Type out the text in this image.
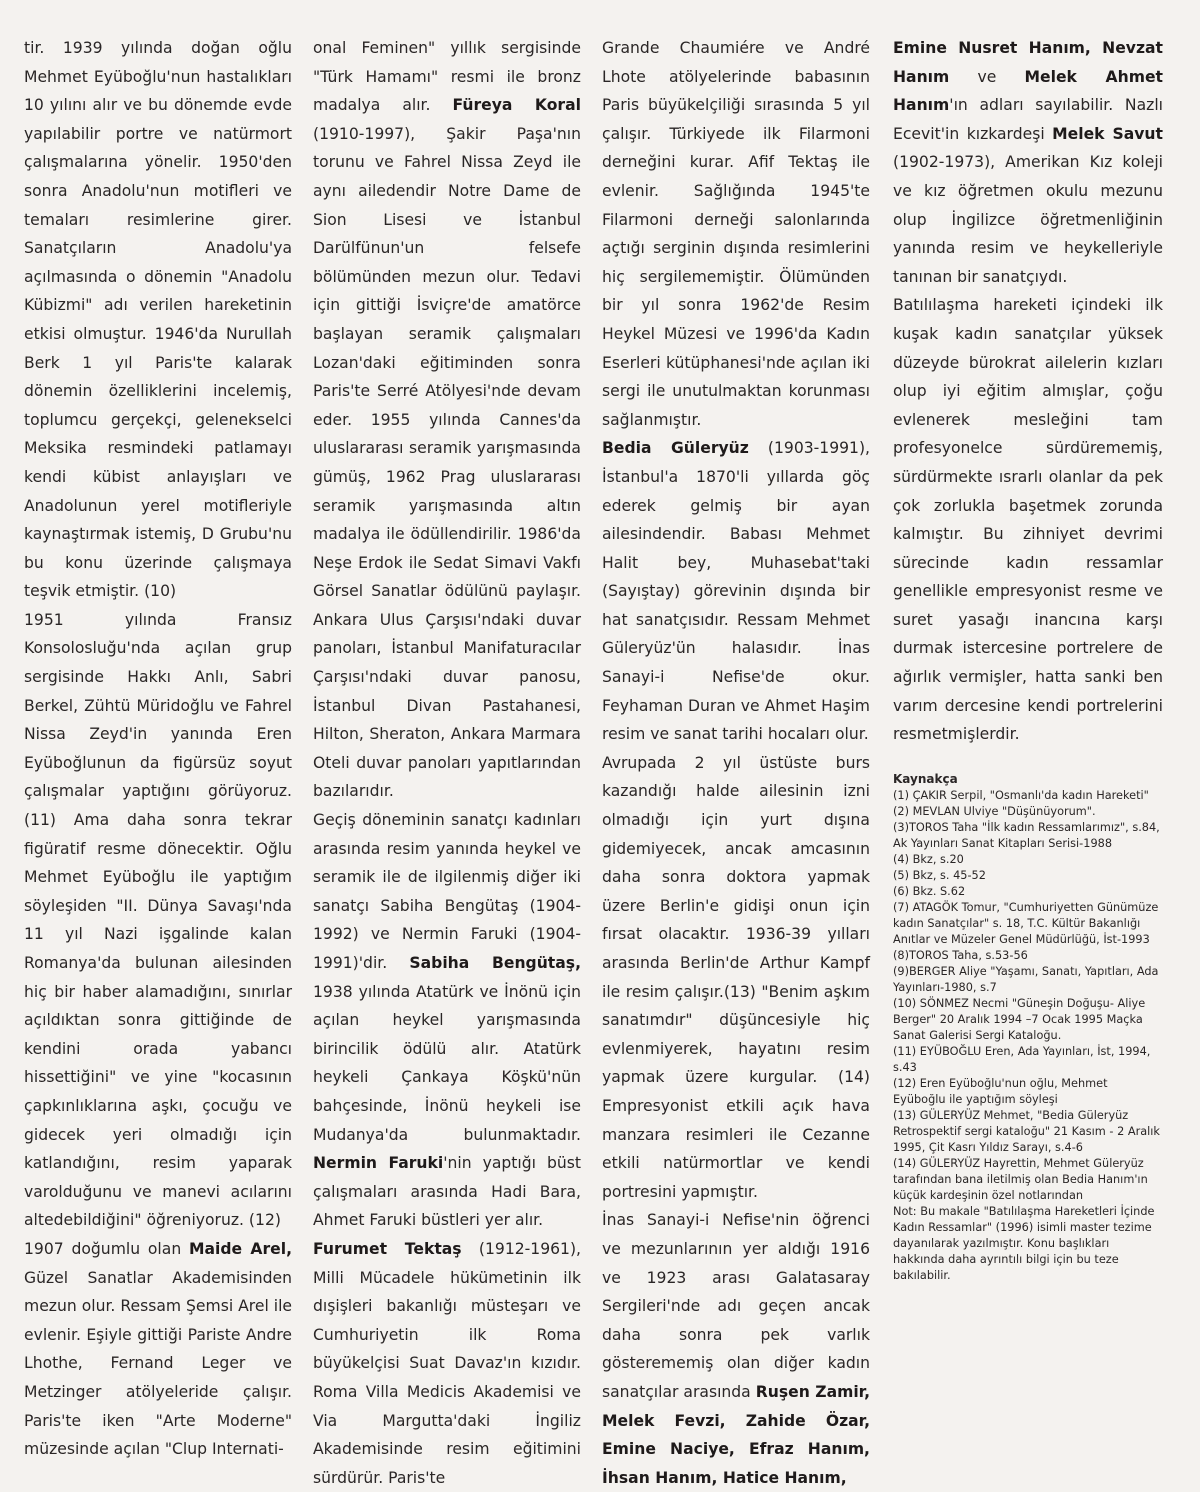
tir. 1939 yılında doğan oğlu Mehmet Eyüboğlu'nun hastalıkları 10 yılını alır ve bu dönemde evde yapılabilir portre ve natürmort çalışmalarına yönelir. 1950'den sonra Anadolu'nun motifleri ve temaları resimlerine girer. Sanatçıların Anadolu'ya açılmasında o dönemin "Anadolu Kübizmi" adı verilen hareketinin etkisi olmuştur. 1946'da Nurullah Berk 1 yıl Paris'te kalarak dönemin özelliklerini incelemiş, toplumcu gerçekçi, gelenekselci Meksika resmindeki patlamayı kendi kübist anlayışları ve Anadolunun yerel motifleriyle kaynaştırmak istemiş, D Grubu'nu bu konu üzerinde çalışmaya teşvik etmiştir. (10)

1951 yılında Fransız Konsolosluğu'nda açılan grup sergisinde Hakkı Anlı, Sabri Berkel, Zühtü Müridoğlu ve Fahrel Nissa Zeyd'in yanında Eren Eyüboğlunun da figürsüz soyut çalışmalar yaptığını görüyoruz. (11) Ama daha sonra tekrar figüratif resme dönecektir. Oğlu Mehmet Eyüboğlu ile yaptığım söyleşiden "II. Dünya Savaşı'nda 11 yıl Nazi işgalinde kalan Romanya'da bulunan ailesinden hiç bir haber alamadığını, sınırlar açıldıktan sonra gittiğinde de kendini orada yabancı hissettiğini" ve yine "kocasının çapkınlıklarına aşkı, çocuğu ve gidecek yeri olmadığı için katlandığını, resim yaparak varolduğunu ve manevi acılarını altedebildiğini" öğreniyoruz. (12)

1907 doğumlu olan Maide Arel, Güzel Sanatlar Akademisinden mezun olur. Ressam Şemsi Arel ile evlenir. Eşiyle gittiği Pariste Andre Lhothe, Fernand Leger ve Metzinger atölyeleride çalışır. Paris'te iken "Arte Moderne" müzesinde açılan "Clup Internati-

onal Feminen" yıllık sergisinde "Türk Hamamı" resmi ile bronz madalya alır. Füreya Koral (1910-1997), Şakir Paşa'nın torunu ve Fahrel Nissa Zeyd ile aynı ailedendir Notre Dame de Sion Lisesi ve İstanbul Darülfünun'un felsefe bölümünden mezun olur. Tedavi için gittiği İsviçre'de amatörce başlayan seramik çalışmaları Lozan'daki eğitiminden sonra Paris'te Serré Atölyesi'nde devam eder. 1955 yılında Cannes'da uluslararası seramik yarışmasında gümüş, 1962 Prag uluslararası seramik yarışmasında altın madalya ile ödüllendirilir. 1986'da Neşe Erdok ile Sedat Simavi Vakfı Görsel Sanatlar ödülünü paylaşır. Ankara Ulus Çarşısı'ndaki duvar panoları, İstanbul Manifaturacılar Çarşısı'ndaki duvar panosu, İstanbul Divan Pastahanesi, Hilton, Sheraton, Ankara Marmara Oteli duvar panoları yapıtlarından bazılarıdır.

Geçiş döneminin sanatçı kadınları arasında resim yanında heykel ve seramik ile de ilgilenmiş diğer iki sanatçı Sabiha Bengütaş (1904-1992) ve Nermin Faruki (1904-1991)'dir. Sabiha Bengütaş, 1938 yılında Atatürk ve İnönü için açılan heykel yarışmasında birincilik ödülü alır. Atatürk heykeli Çankaya Köşkü'nün bahçesinde, İnönü heykeli ise Mudanya'da bulunmaktadır. Nermin Faruki'nin yaptığı büst çalışmaları arasında Hadi Bara, Ahmet Faruki büstleri yer alır.

Furumet Tektaş (1912-1961), Milli Mücadele hükümetinin ilk dışişleri bakanlığı müsteşarı ve Cumhuriyetin ilk Roma büyükelçisi Suat Davaz'ın kızıdır. Roma Villa Medicis Akademisi ve Via Margutta'daki İngiliz Akademisinde resim eğitimini sürdürür. Paris'te

Grande Chaumiére ve André Lhote atölyelerinde babasının Paris büyükelçiliği sırasında 5 yıl çalışır. Türkiyede ilk Filarmoni derneğini kurar. Afif Tektaş ile evlenir. Sağlığında 1945'te Filarmoni derneği salonlarında açtığı serginin dışında resimlerini hiç sergilememiştir. Ölümünden bir yıl sonra 1962'de Resim Heykel Müzesi ve 1996'da Kadın Eserleri kütüphanesi'nde açılan iki sergi ile unutulmaktan korunması sağlanmıştır.

Bedia Güleryüz (1903-1991), İstanbul'a 1870'li yıllarda göç ederek gelmiş bir ayan ailesindendir. Babası Mehmet Halit bey, Muhasebat'taki (Sayıştay) görevinin dışında bir hat sanatçısıdır. Ressam Mehmet Güleryüz'ün halasıdır. İnas Sanayi-i Nefise'de okur. Feyhaman Duran ve Ahmet Haşim resim ve sanat tarihi hocaları olur.

Avrupada 2 yıl üstüste burs kazandığı halde ailesinin izni olmadığı için yurt dışına gidemiyecek, ancak amcasının daha sonra doktora yapmak üzere Berlin'e gidişi onun için fırsat olacaktır. 1936-39 yılları arasında Berlin'de Arthur Kampf ile resim çalışır.(13) "Benim aşkım sanatımdır" düşüncesiyle hiç evlenmiyerek, hayatını resim yapmak üzere kurgular. (14) Empresyonist etkili açık hava manzara resimleri ile Cezanne etkili natürmortlar ve kendi portresini yapmıştır.

İnas Sanayi-i Nefise'nin öğrenci ve mezunlarının yer aldığı 1916 ve 1923 arası Galatasaray Sergileri'nde adı geçen ancak daha sonra pek varlık gösterememiş olan diğer kadın sanatçılar arasında Ruşen Zamir, Melek Fevzi, Zahide Özar, Emine Naciye, Efraz Hanım, İhsan Hanım, Hatice Hanım,

Emine Nusret Hanım, Nevzat Hanım ve Melek Ahmet Hanım'ın adları sayılabilir. Nazlı Ecevit'in kızkardeşi Melek Savut (1902-1973), Amerikan Kız koleji ve kız öğretmen okulu mezunu olup İngilizce öğretmenliğinin yanında resim ve heykelleriyle tanınan bir sanatçıydı.

Batılılaşma hareketi içindeki ilk kuşak kadın sanatçılar yüksek düzeyde bürokrat ailelerin kızları olup iyi eğitim almışlar, çoğu evlenerek mesleğini tam profesyonelce sürdürememiş, sürdürmekte ısrarlı olanlar da pek çok zorlukla başetmek zorunda kalmıştır. Bu zihniyet devrimi sürecinde kadın ressamlar genellikle empresyonist resme ve suret yasağı inancına karşı durmak istercesine portrelere de ağırlık vermişler, hatta sanki ben varım dercesine kendi portrelerini resmetmişlerdir.

Kaynakça

(1) ÇAKIR Serpil, "Osmanlı'da kadın Hareketi"

(2) MEVLAN Ulviye "Düşünüyorum".

(3)TOROS Taha "İlk kadın Ressamlarımız", s.84, Ak Yayınları Sanat Kitapları Serisi-1988

(4) Bkz, s.20

(5) Bkz, s. 45-52

(6) Bkz. S.62

(7) ATAGÖK Tomur, "Cumhuriyetten Günümüze kadın Sanatçılar" s. 18, T.C. Kültür Bakanlığı Anıtlar ve Müzeler Genel Müdürlüğü, İst-1993

(8)TOROS Taha, s.53-56

(9)BERGER Aliye "Yaşamı, Sanatı, Yapıtları, Ada Yayınları-1980, s.7

(10) SÖNMEZ Necmi "Güneşin Doğuşu- Aliye Berger" 20 Aralık 1994 –7 Ocak 1995 Maçka Sanat Galerisi Sergi Kataloğu.

(11) EYÜBOĞLU Eren, Ada Yayınları, İst, 1994, s.43

(12) Eren Eyüboğlu'nun oğlu, Mehmet Eyüboğlu ile yaptığım söyleşi

(13) GÜLERYÜZ Mehmet, "Bedia Güleryüz Retrospektif sergi kataloğu" 21 Kasım - 2 Aralık 1995, Çit Kasrı Yıldız Sarayı, s.4-6

(14) GÜLERYÜZ Hayrettin, Mehmet Güleryüz tarafından bana iletilmiş olan Bedia Hanım'ın küçük kardeşinin özel notlarından

Not: Bu makale "Batılılaşma Hareketleri İçinde Kadın Ressamlar" (1996) isimli master tezime dayanılarak yazılmıştır. Konu başlıkları hakkında daha ayrıntılı bilgi için bu teze bakılabilir.
